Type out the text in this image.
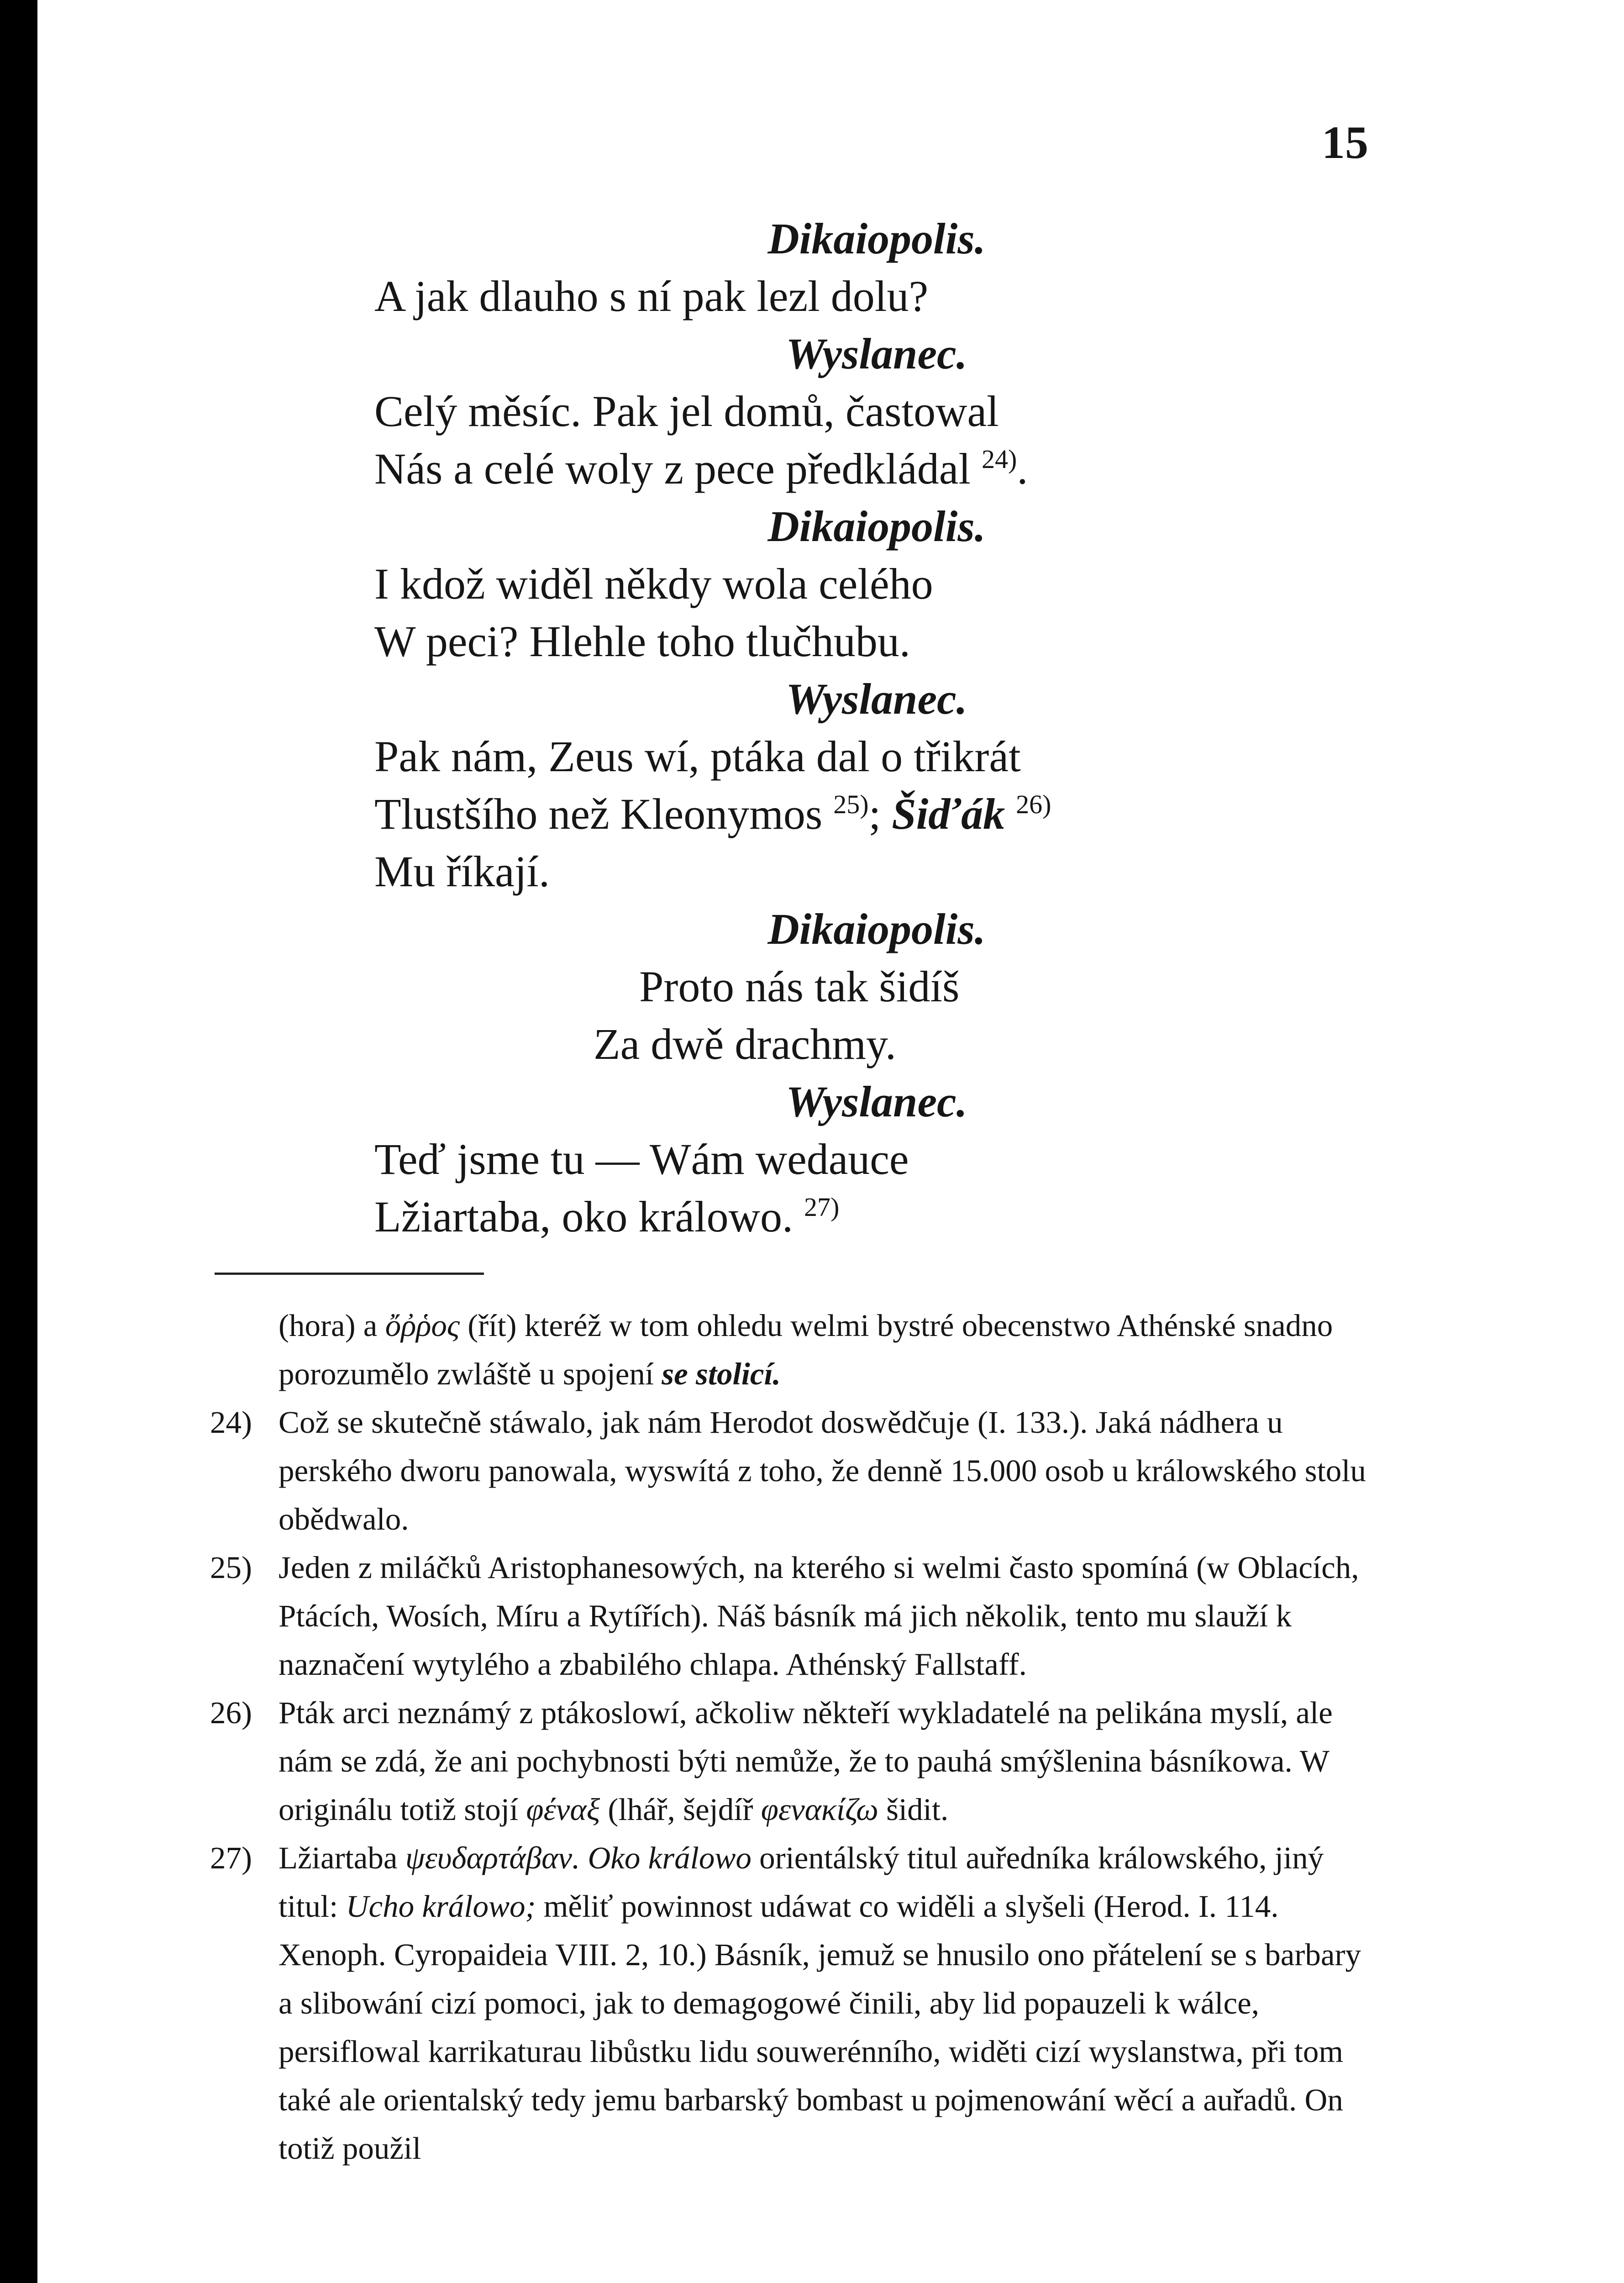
15
Dikaiopolis.
A jak dlauho s ní pak lezl dolu?
Wyslanec.
Celý měsíc. Pak jel domů, častowal
Nás a celé woly z pece předkládal $^{24)}$.
Dikaiopolis.
I kdož widěl někdy wola celého
W peci? Hlehle toho tlučhubu.
Wyslanec.
Pak nám, Zeus wí, ptáka dal o třikrát
Tlustšího než Kleonymos $^{25)}$; Šiďák $^{26)}$
Mu říkají.
Dikaiopolis.
Proto nás tak šidíš
Za dwě drachmy.
Wyslanec.
Teď jsme tu — Wám wedauce
Lžiartaba, oko králowo. $^{27)}$

(hora) a ὄῤῥος (řít) kteréž w tom ohledu welmi bystré obecenstwo Athénské snadno porozumělo zwláště u spojení se stolicí.

24) Což se skutečně stáwalo, jak nám Herodot doswědčuje (I. 133.). Jaká nádhera u perského dworu panowala, wyswítá z toho, že denně 15.000 osob u králowského stolu obědwalo.

25) Jeden z miláčků Aristophanesowých, na kterého si welmi často spomíná (w Oblacích, Ptácích, Wosích, Míru a Rytířích). Náš básník má jich několik, tento mu slauží k naznačení wytylého a zbabilého chlapa. Athénský Fallstaff.

26) Pták arci neznámý z ptákoslowí, ačkoliw někteří wykladatelé na pelikána myslí, ale nám se zdá, že ani pochybnosti býti nemůže, že to pauhá smýšlenina básníkowa. W originálu totiž stojí φέναξ (lhář, šejdíř φενακίζω šidit.

27) Lžiartaba ψευδαρτάβαν. Oko králowo orientálský titul auředníka králowského, jiný titul: Ucho králowo; měliť powinnost udáwat co widěli a slyšeli (Herod. I. 114. Xenoph. Cyropaideia VIII. 2, 10.) Básník, jemuž se hnusilo ono přátelení se s barbary a slibowání cizí pomoci, jak to demagogowé činili, aby lid popauzeli k wálce, persiflowal karrikaturau libůstku lidu souwerénního, widěti cizí wyslanstwa, při tom také ale orientalský tedy jemu barbarský bombast u pojmenowání wěcí a auřadů. On totiž použil
